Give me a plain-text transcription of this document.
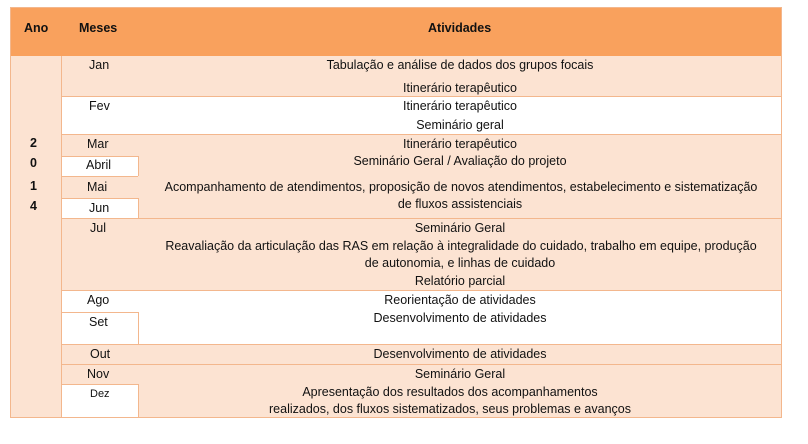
Ano Meses	Atividades
2
0
1
4
Jan
Fev
Mar
Abril
Mai
Jun
Jul
Ago
Set
Out
Nov
Dez
Tabulação e análise de dados dos grupos focais
Itinerário terapêutico
Itinerário terapêutico
Seminário geral
Itinerário terapêutico
Seminário Geral / Avaliação do projeto
Acompanhamento de atendimentos, proposição de novos atendimentos, estabelecimento e sistematização
de fluxos assistenciais
Seminário Geral
Reavaliação da articulação das RAS em relação à integralidade do cuidado, trabalho em equipe, produção
de autonomia, e linhas de cuidado
Relatório parcial
Reorientação de atividades
Desenvolvimento de atividades
Desenvolvimento de atividades
Seminário Geral
Apresentação dos resultados dos acompanhamentos
realizados, dos fluxos sistematizados, seus problemas e avanços
